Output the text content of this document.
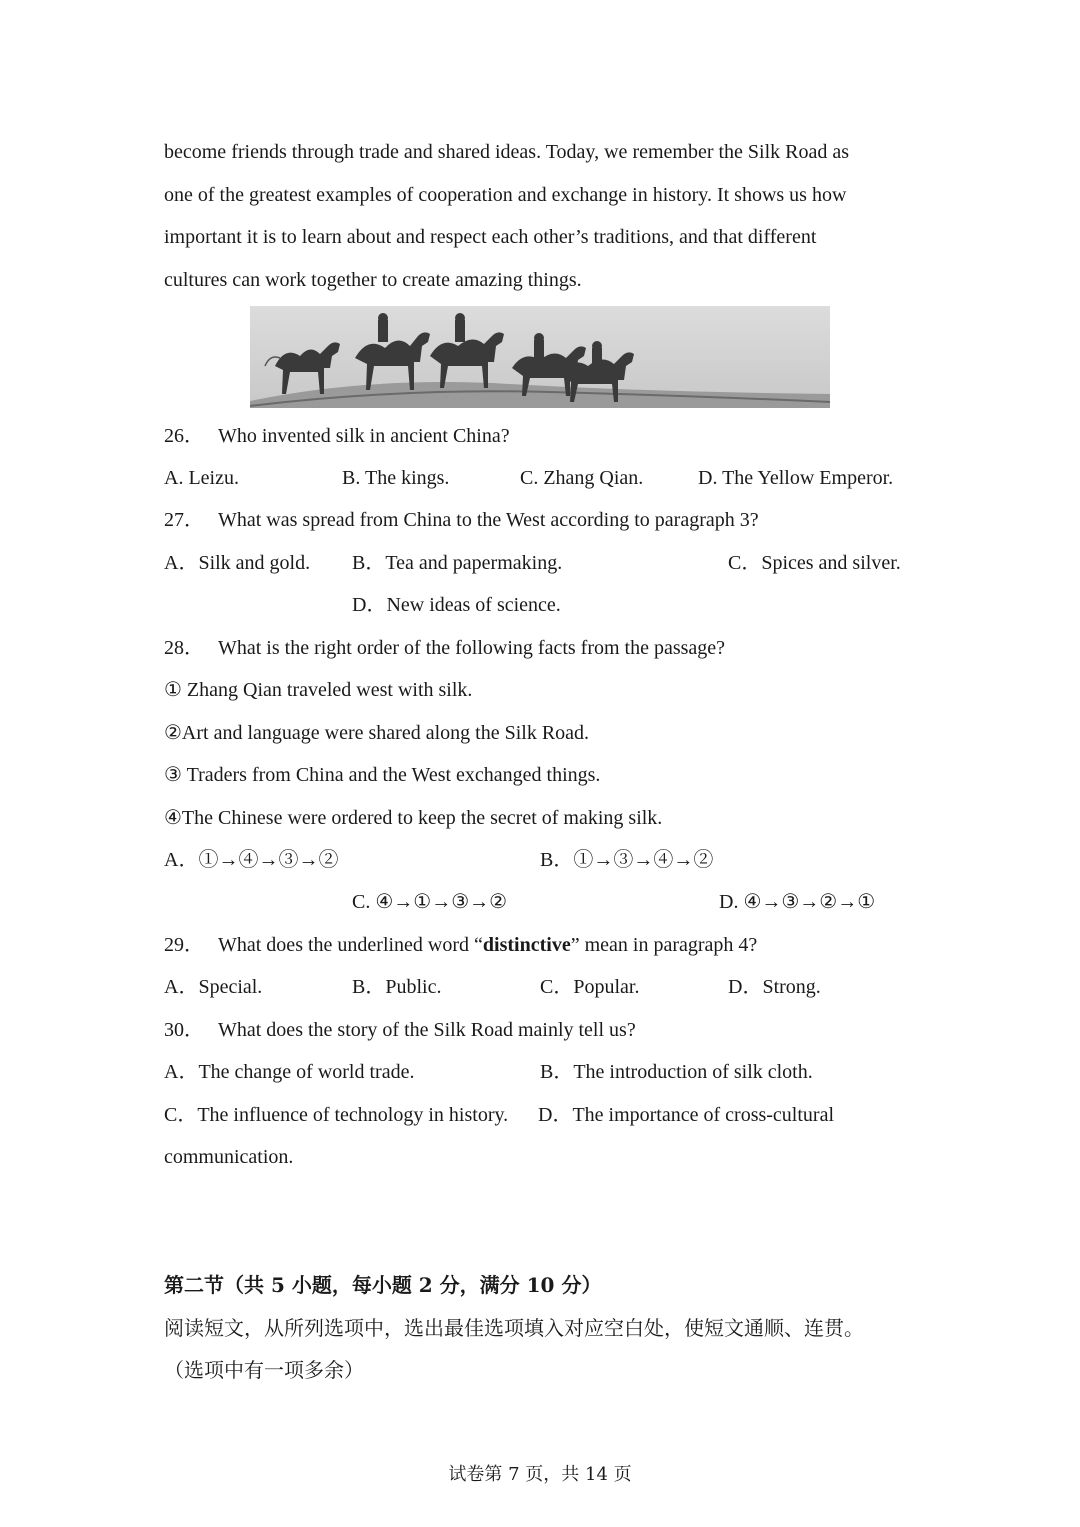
become friends through trade and shared ideas. Today, we remember the Silk Road as
one of the greatest examples of cooperation and exchange in history. It shows us how
important it is to learn about and respect each other’s traditions, and that different
cultures can work together to create amazing things.
26． Who invented silk in ancient China?
A. Leizu.	B. The kings.	C. Zhang Qian.	D. The Yellow Emperor.
27． What was spread from China to the West according to paragraph 3?
A．Silk and gold. B．Tea and papermaking.	C．Spices and silver.
D．New ideas of science.
28． What is the right order of the following facts from the passage?
① Zhang Qian traveled west with silk.
②Art and language were shared along the Silk Road.
③ Traders from China and the West exchanged things.
④The Chinese were ordered to keep the secret of making silk.
A．①→④→③→②	B．①→③→④→②
C. ④→①→③→②	D. ④→③→②→①
29． What does the underlined word “distinctive” mean in paragraph 4?
A．Special.	B．Public.	C．Popular.	D．Strong.
30． What does the story of the Silk Road mainly tell us?
A．The change of world trade.	B．The introduction of silk cloth.
C．The influence of technology in history. D．The importance of cross-cultural
communication.
第二节（共 5 小题，每小题 2 分，满分 10 分）
阅读短文，从所列选项中，选出最佳选项填入对应空白处，使短文通顺、连贯。
（选项中有一项多余）
试卷第 7 页，共 14 页
